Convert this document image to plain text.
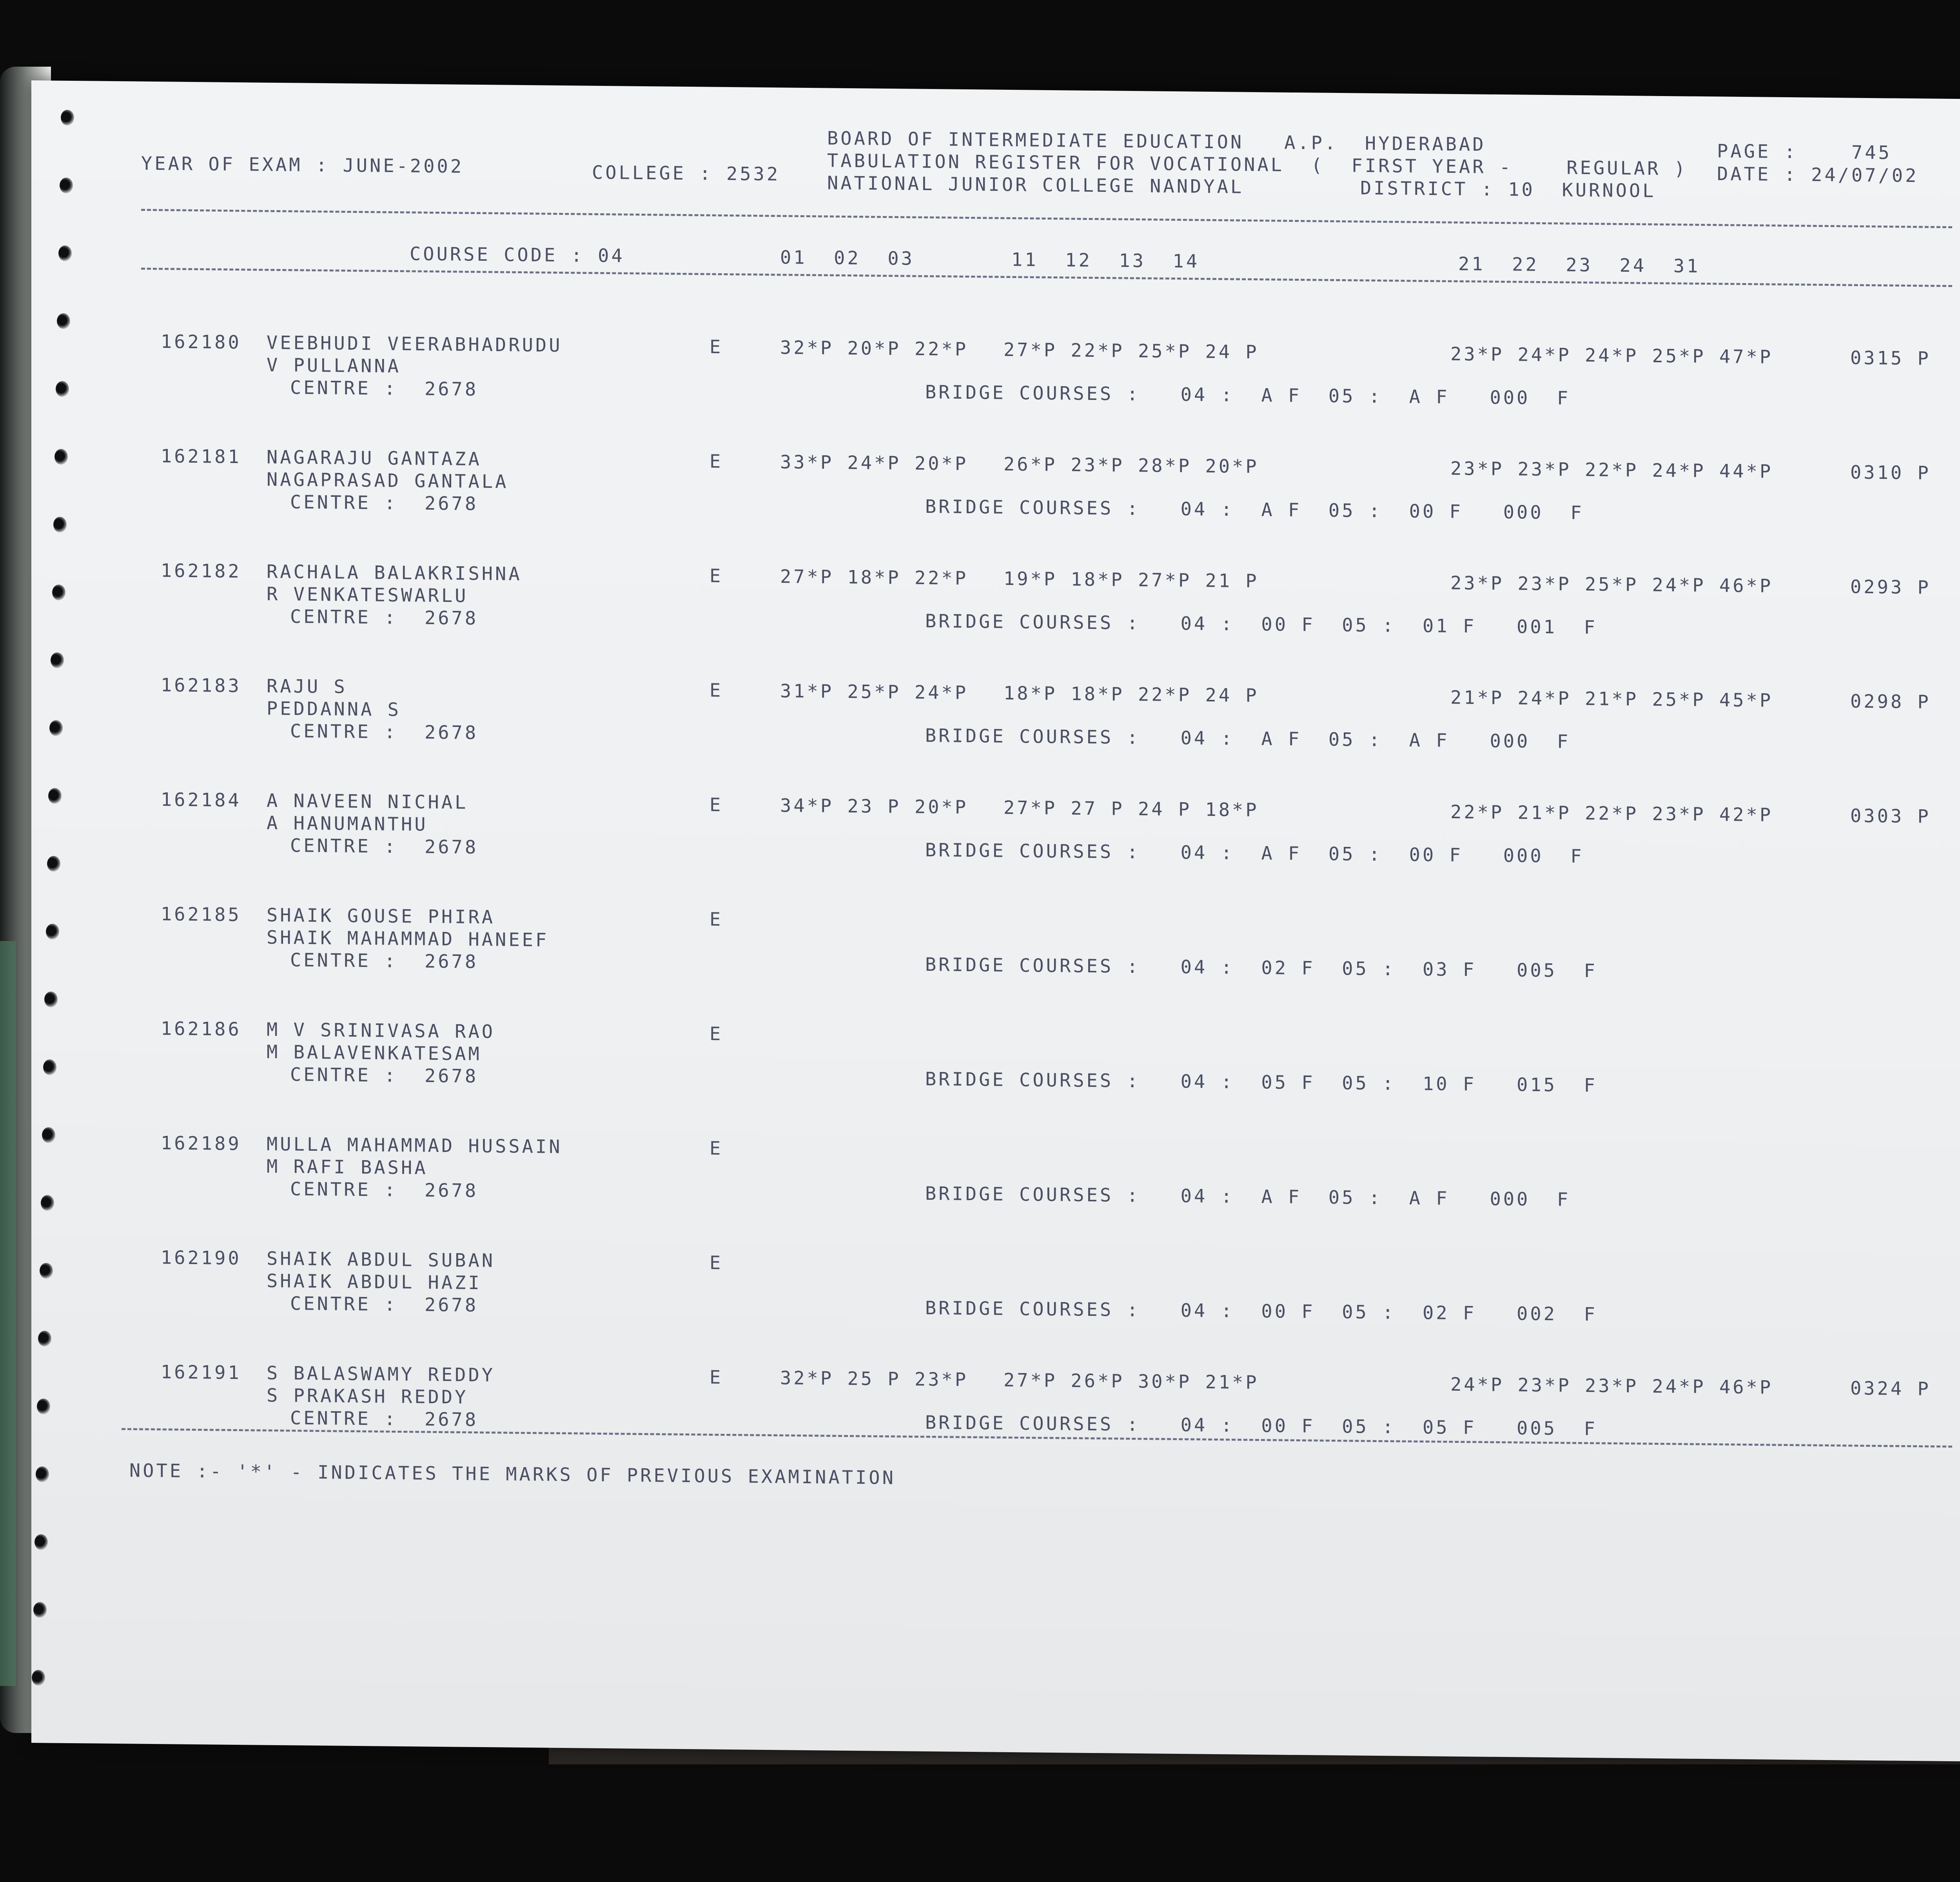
BOARD OF INTERMEDIATE EDUCATION   A.P.  HYDERABAD
TABULATION REGISTER FOR VOCATIONAL  (  FIRST YEAR -    REGULAR )
NATIONAL JUNIOR COLLEGE NANDYAL	DISTRICT : 10  KURNOOL
YEAR OF EXAM : JUNE-2002	COLLEGE : 2532
PAGE :    745
DATE : 24/07/02
COURSE CODE : 04	01  02  03	11  12  13  14	21  22  23  24  31
162180 VEEBHUDI VEERABHADRUDU
V PULLANNA
CENTRE :  2678
E	32*P 20*P 22*P 27*P 22*P 25*P 24 P	23*P 24*P 24*P 25*P 47*P	0315 P
BRIDGE COURSES :   04 :  A F  05 :  A F   000  F
162181 NAGARAJU GANTAZA
NAGAPRASAD GANTALA
CENTRE :  2678
E	33*P 24*P 20*P 26*P 23*P 28*P 20*P	23*P 23*P 22*P 24*P 44*P	0310 P
BRIDGE COURSES :   04 :  A F  05 :  00 F   000  F
162182 RACHALA BALAKRISHNA
R VENKATESWARLU
CENTRE :  2678
E	27*P 18*P 22*P 19*P 18*P 27*P 21 P	23*P 23*P 25*P 24*P 46*P	0293 P
BRIDGE COURSES :   04 :  00 F  05 :  01 F   001  F
162183 RAJU S
PEDDANNA S
CENTRE :  2678
E	31*P 25*P 24*P 18*P 18*P 22*P 24 P	21*P 24*P 21*P 25*P 45*P	0298 P
BRIDGE COURSES :   04 :  A F  05 :  A F   000  F
162184 A NAVEEN NICHAL
A HANUMANTHU
CENTRE :  2678
E	34*P 23 P 20*P 27*P 27 P 24 P 18*P	22*P 21*P 22*P 23*P 42*P	0303 P
BRIDGE COURSES :   04 :  A F  05 :  00 F   000  F
162185 SHAIK GOUSE PHIRA
SHAIK MAHAMMAD HANEEF
CENTRE :  2678
E
BRIDGE COURSES :   04 :  02 F  05 :  03 F   005  F
162186 M V SRINIVASA RAO
M BALAVENKATESAM
CENTRE :  2678
E
BRIDGE COURSES :   04 :  05 F  05 :  10 F   015  F
162189 MULLA MAHAMMAD HUSSAIN
M RAFI BASHA
CENTRE :  2678
E
BRIDGE COURSES :   04 :  A F  05 :  A F   000  F
162190 SHAIK ABDUL SUBAN
SHAIK ABDUL HAZI
CENTRE :  2678
E
BRIDGE COURSES :   04 :  00 F  05 :  02 F   002  F
162191 S BALASWAMY REDDY
S PRAKASH REDDY
CENTRE :  2678
E	32*P 25 P 23*P 27*P 26*P 30*P 21*P	24*P 23*P 23*P 24*P 46*P	0324 P
BRIDGE COURSES :   04 :  00 F  05 :  05 F   005  F
NOTE :- '*' - INDICATES THE MARKS OF PREVIOUS EXAMINATION
